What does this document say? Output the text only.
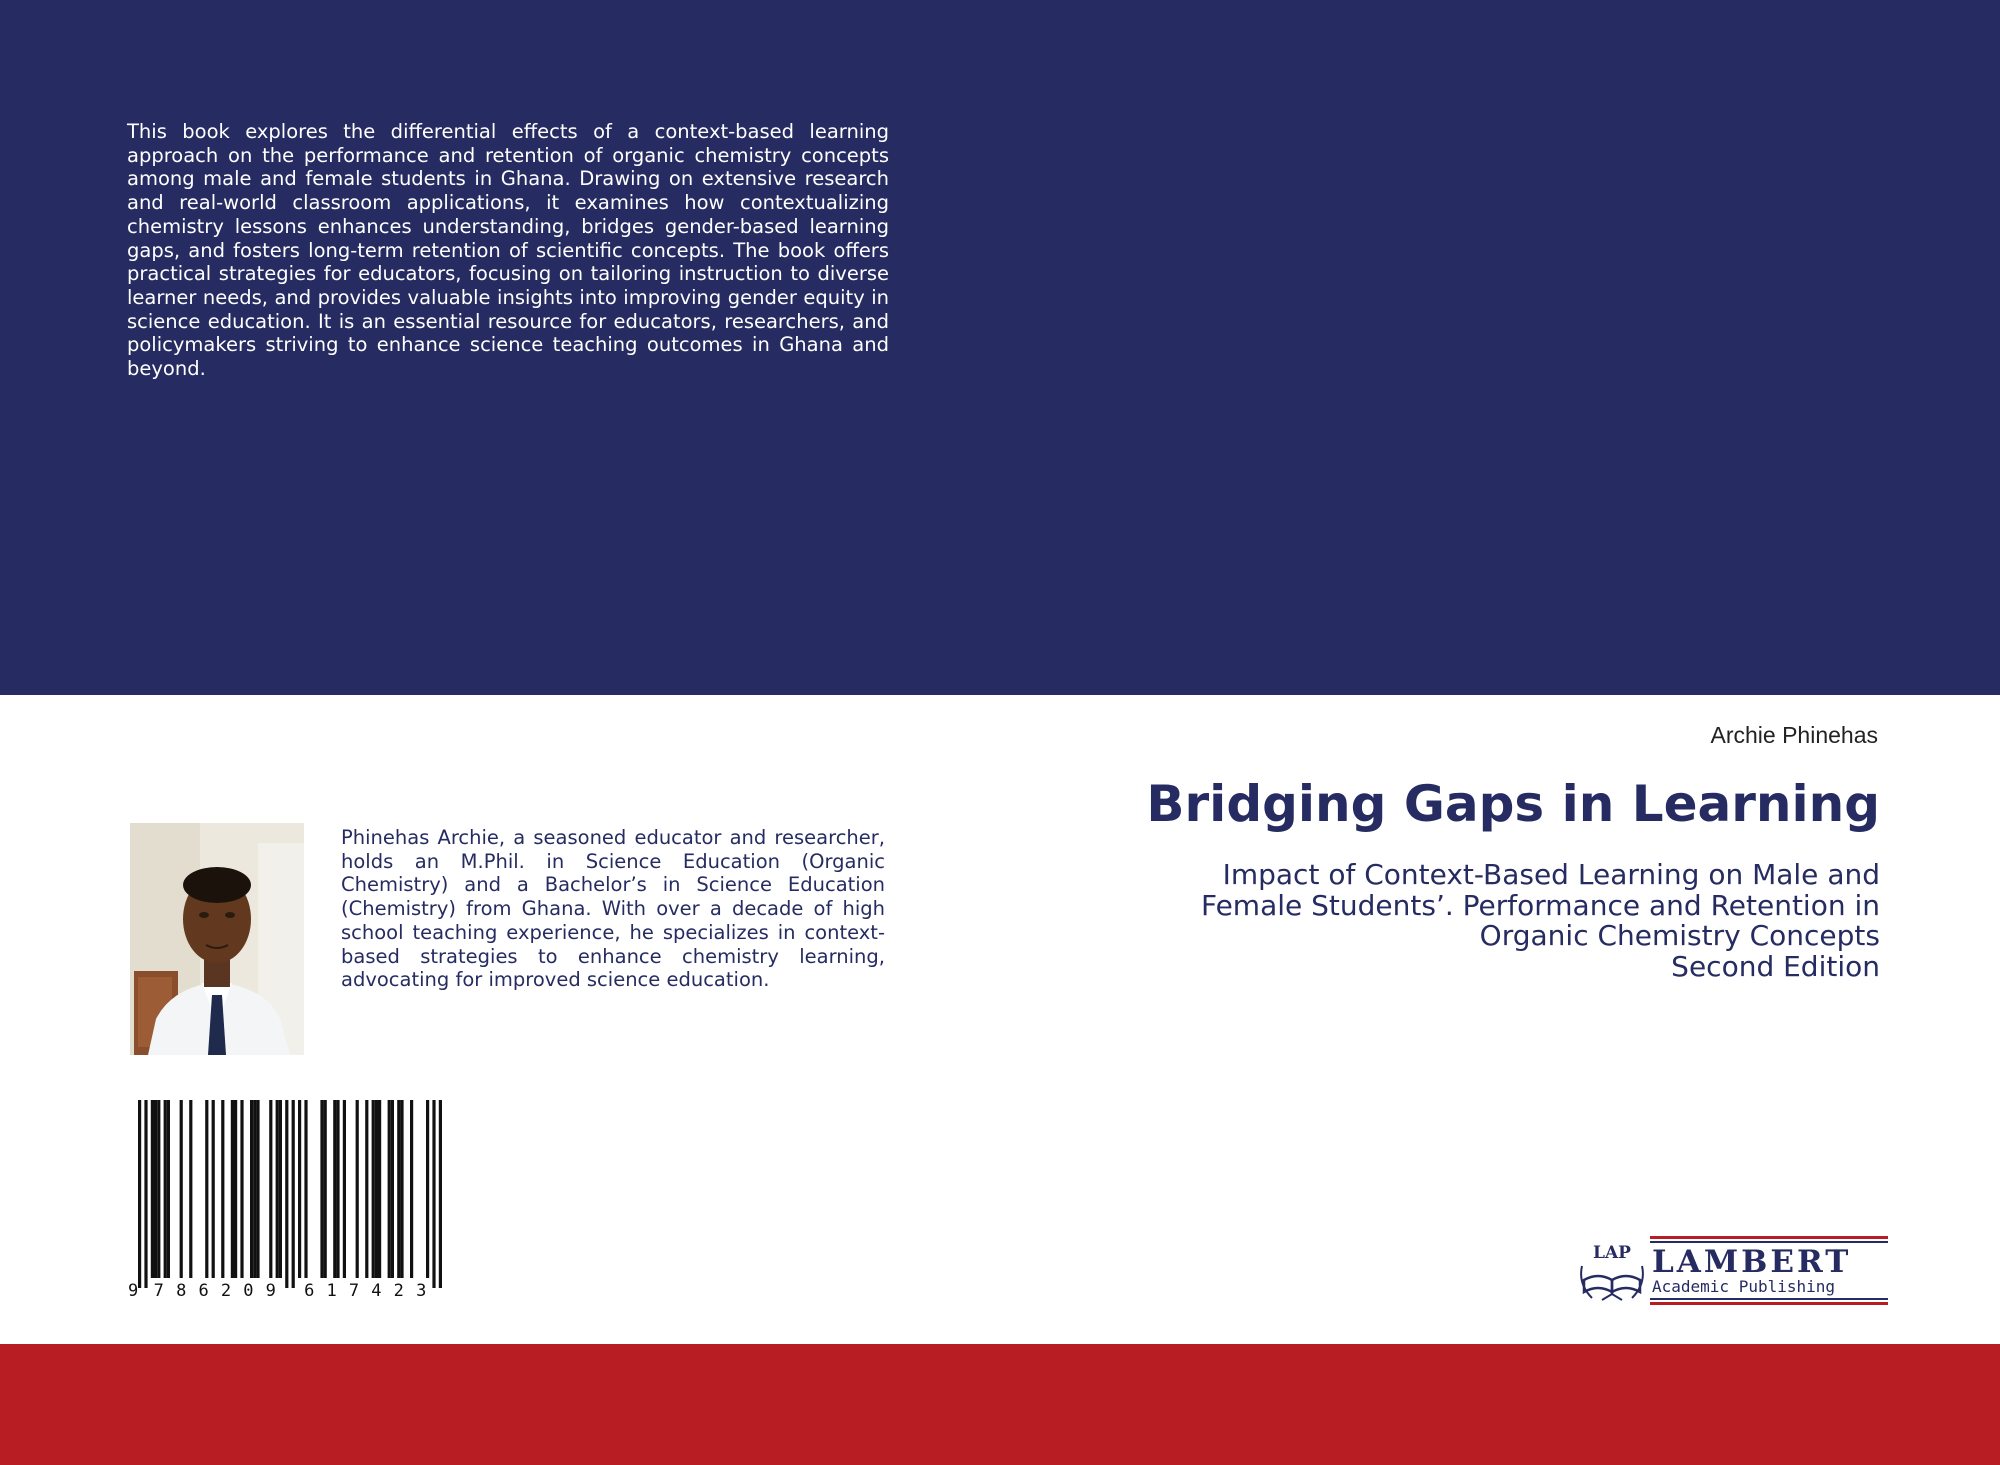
This book explores the differential effects of a context-based learning approach on the performance and retention of organic chemistry concepts among male and female students in Ghana. Drawing on extensive research and real-world classroom applications, it examines how contextualizing chemistry lessons enhances understanding, bridges gender-based learning gaps, and fosters long-term retention of scientific concepts. The book offers practical strategies for educators, focusing on tailoring instruction to diverse learner needs, and provides valuable insights into improving gender equity in science education. It is an essential resource for educators, researchers, and policymakers striving to enhance science teaching outcomes in Ghana and beyond.

Archie Phinehas
Bridging Gaps in Learning
Impact of Context-Based Learning on Male and
Female Students’. Performance and Retention in
Organic Chemistry Concepts
Second Edition

Phinehas Archie, a seasoned educator and researcher, holds an M.Phil. in Science Education (Organic Chemistry) and a Bachelor’s in Science Education (Chemistry) from Ghana. With over a decade of high school teaching experience, he specializes in context-based strategies to enhance chemistry learning, advocating for improved science education.

9 7 8 6 2 0 9 6 1 7 4 2 3
LAP LAMBERT
Academic Publishing
